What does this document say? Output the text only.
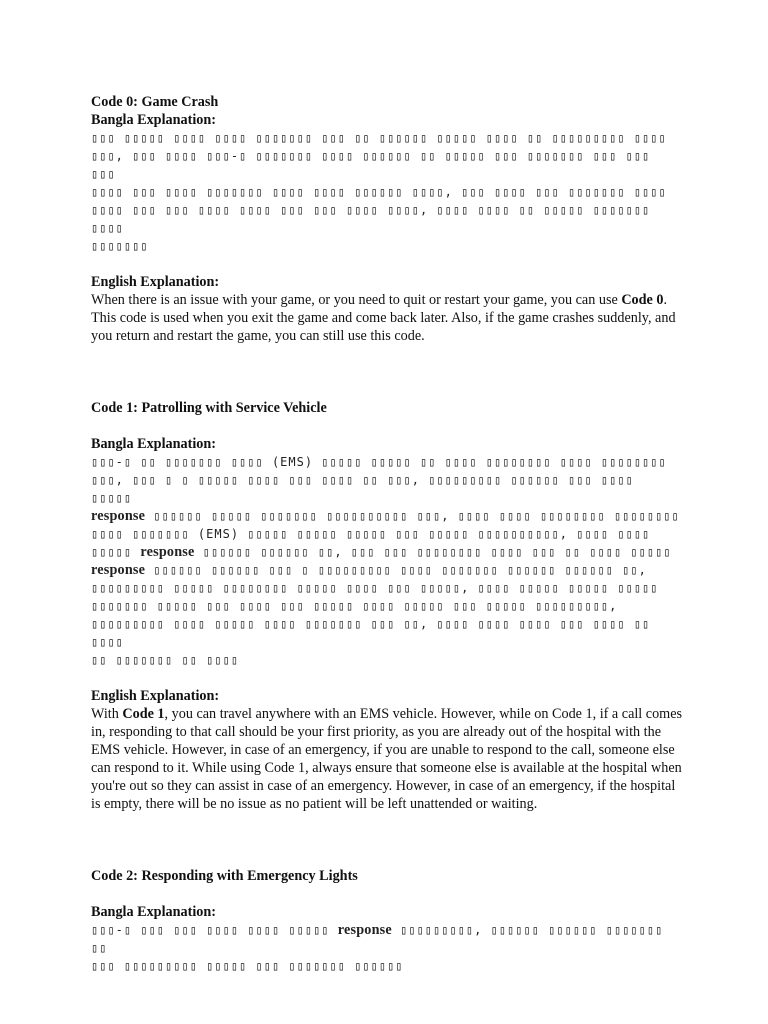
Code 0: Game Crash

Bangla Explanation:

▯▯▯ ▯▯▯▯▯ ▯▯▯▯ ▯▯▯▯ ▯▯▯▯▯▯▯ ▯▯▯ ▯▯ ▯▯▯▯▯▯ ▯▯▯▯▯ ▯▯▯▯ ▯▯ ▯▯▯▯▯▯▯▯▯ ▯▯▯▯
▯▯▯, ▯▯▯ ▯▯▯▯ ▯▯▯-▯ ▯▯▯▯▯▯▯ ▯▯▯▯ ▯▯▯▯▯▯ ▯▯ ▯▯▯▯▯ ▯▯▯ ▯▯▯▯▯▯▯ ▯▯▯ ▯▯▯ ▯▯▯
▯▯▯▯ ▯▯▯ ▯▯▯▯ ▯▯▯▯▯▯▯ ▯▯▯▯ ▯▯▯▯ ▯▯▯▯▯▯ ▯▯▯▯, ▯▯▯ ▯▯▯▯ ▯▯▯ ▯▯▯▯▯▯▯ ▯▯▯▯
▯▯▯▯ ▯▯▯ ▯▯▯ ▯▯▯▯ ▯▯▯▯ ▯▯▯ ▯▯▯ ▯▯▯▯ ▯▯▯▯, ▯▯▯▯ ▯▯▯▯ ▯▯ ▯▯▯▯▯ ▯▯▯▯▯▯▯ ▯▯▯▯
▯▯▯▯▯▯▯

English Explanation:

When there is an issue with your game, or you need to quit or restart your game, you can use Code 0. This code is used when you exit the game and come back later. Also, if the game crashes suddenly, and you return and restart the game, you can still use this code.

Code 1: Patrolling with Service Vehicle

Bangla Explanation:

▯▯▯-▯ ▯▯ ▯▯▯▯▯▯▯ ▯▯▯▯ (EMS) ▯▯▯▯▯ ▯▯▯▯▯ ▯▯ ▯▯▯▯ ▯▯▯▯▯▯▯▯ ▯▯▯▯ ▯▯▯▯▯▯▯▯
▯▯▯, ▯▯▯ ▯ ▯ ▯▯▯▯▯ ▯▯▯▯ ▯▯▯ ▯▯▯▯ ▯▯ ▯▯▯, ▯▯▯▯▯▯▯▯▯ ▯▯▯▯▯▯ ▯▯▯ ▯▯▯▯ ▯▯▯▯▯
response ▯▯▯▯▯▯ ▯▯▯▯▯ ▯▯▯▯▯▯▯ ▯▯▯▯▯▯▯▯▯▯ ▯▯▯, ▯▯▯▯ ▯▯▯▯ ▯▯▯▯▯▯▯▯ ▯▯▯▯▯▯▯▯
▯▯▯▯ ▯▯▯▯▯▯▯ (EMS) ▯▯▯▯▯ ▯▯▯▯▯ ▯▯▯▯▯ ▯▯▯ ▯▯▯▯▯ ▯▯▯▯▯▯▯▯▯▯, ▯▯▯▯ ▯▯▯▯
▯▯▯▯▯ response ▯▯▯▯▯▯ ▯▯▯▯▯▯ ▯▯, ▯▯▯ ▯▯▯ ▯▯▯▯▯▯▯▯ ▯▯▯▯ ▯▯▯ ▯▯ ▯▯▯▯ ▯▯▯▯▯
response ▯▯▯▯▯▯ ▯▯▯▯▯▯ ▯▯▯ ▯ ▯▯▯▯▯▯▯▯▯ ▯▯▯▯ ▯▯▯▯▯▯▯ ▯▯▯▯▯▯ ▯▯▯▯▯▯ ▯▯,
▯▯▯▯▯▯▯▯▯ ▯▯▯▯▯ ▯▯▯▯▯▯▯▯ ▯▯▯▯▯ ▯▯▯▯ ▯▯▯ ▯▯▯▯▯, ▯▯▯▯ ▯▯▯▯▯ ▯▯▯▯▯ ▯▯▯▯▯
▯▯▯▯▯▯▯ ▯▯▯▯▯ ▯▯▯ ▯▯▯▯ ▯▯▯ ▯▯▯▯▯ ▯▯▯▯ ▯▯▯▯▯ ▯▯▯ ▯▯▯▯▯ ▯▯▯▯▯▯▯▯▯,
▯▯▯▯▯▯▯▯▯ ▯▯▯▯ ▯▯▯▯▯ ▯▯▯▯ ▯▯▯▯▯▯▯ ▯▯▯ ▯▯, ▯▯▯▯ ▯▯▯▯ ▯▯▯▯ ▯▯▯ ▯▯▯▯ ▯▯ ▯▯▯▯
▯▯ ▯▯▯▯▯▯▯ ▯▯ ▯▯▯▯

English Explanation:

With Code 1, you can travel anywhere with an EMS vehicle. However, while on Code 1, if a call comes in, responding to that call should be your first priority, as you are already out of the hospital with the EMS vehicle. However, in case of an emergency, if you are unable to respond to the call, someone else can respond to it. While using Code 1, always ensure that someone else is available at the hospital when you're out so they can assist in case of an emergency. However, in case of an emergency, if the hospital is empty, there will be no issue as no patient will be left unattended or waiting.

Code 2: Responding with Emergency Lights

Bangla Explanation:

▯▯▯-▯ ▯▯▯ ▯▯▯ ▯▯▯▯ ▯▯▯▯ ▯▯▯▯▯ response ▯▯▯▯▯▯▯▯▯, ▯▯▯▯▯▯ ▯▯▯▯▯▯ ▯▯▯▯▯▯▯ ▯▯
▯▯▯ ▯▯▯▯▯▯▯▯▯ ▯▯▯▯▯ ▯▯▯ ▯▯▯▯▯▯▯ ▯▯▯▯▯▯
